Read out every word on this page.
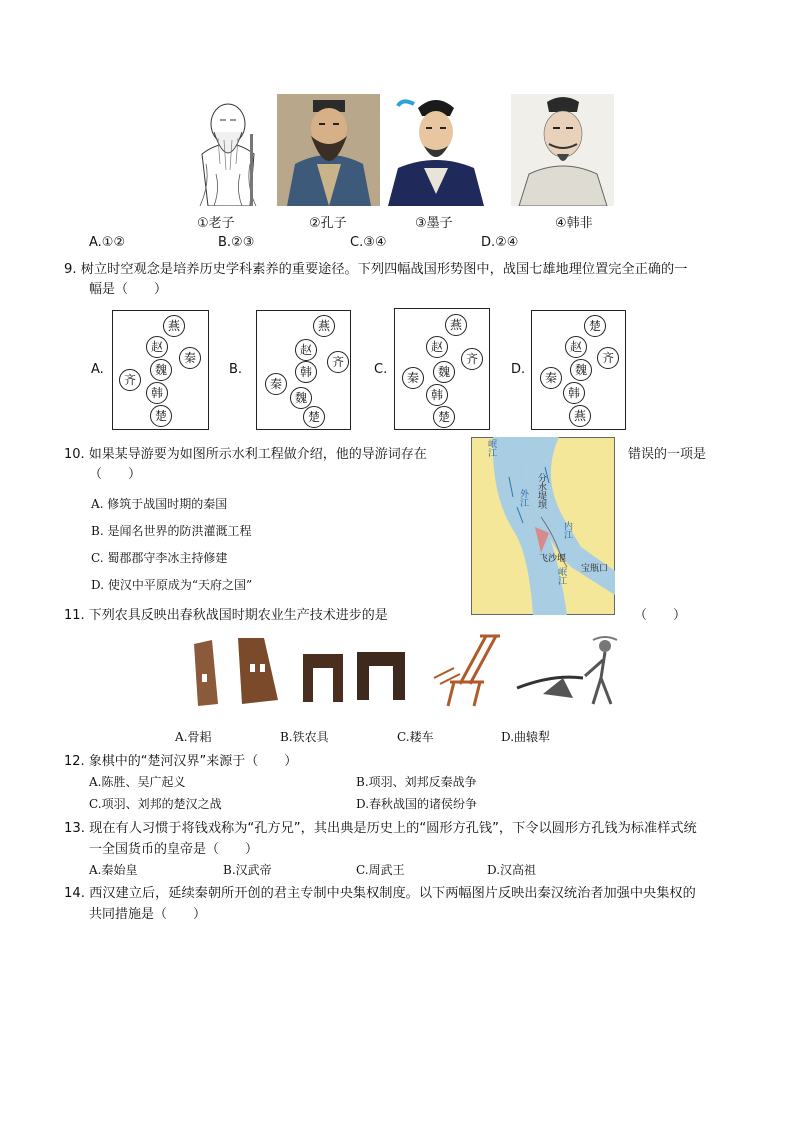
①老子	②孔子	③墨子	④韩非
A.①②	B.②③	C.③④	D.②④
9. 树立时空观念是培养历史学科素养的重要途径。下列四幅战国形势图中，战国七雄地理位置完全正确的一
幅是（　　）
A.	B.	C.	D.
燕
赵
秦
齐
魏
韩
楚
燕
赵
齐
韩
秦
魏
楚
燕
赵
齐
秦	魏
韩
楚
楚
赵
齐
秦
魏
韩
燕
10. 如果某导游要为如图所示水利工程做介绍，他的导游词存在	错误的一项是
（　　）
A. 修筑于战国时期的秦国
B. 是闻名世界的防洪灌溉工程
C. 蜀郡郡守李冰主持修建
D. 使汉中平原成为“天府之国”
岷江
外江
内江
分水堤坝
飞沙堰
岷江 宝瓶口
11. 下列农具反映出春秋战国时期农业生产技术进步的是	（　　）
A.骨耜	B.铁农具	C.耧车	D.曲辕犁
12. 象棋中的“楚河汉界”来源于（　　）
A.陈胜、吴广起义	B.项羽、刘邦反秦战争
C.项羽、刘邦的楚汉之战	D.春秋战国的诸侯纷争
13. 现在有人习惯于将钱戏称为“孔方兄”，其出典是历史上的“圆形方孔钱”，下令以圆形方孔钱为标准样式统
一全国货币的皇帝是（　　）
A.秦始皇	B.汉武帝	C.周武王	D.汉高祖
14. 西汉建立后，延续秦朝所开创的君主专制中央集权制度。以下两幅图片反映出秦汉统治者加强中央集权的
共同措施是（　　）
